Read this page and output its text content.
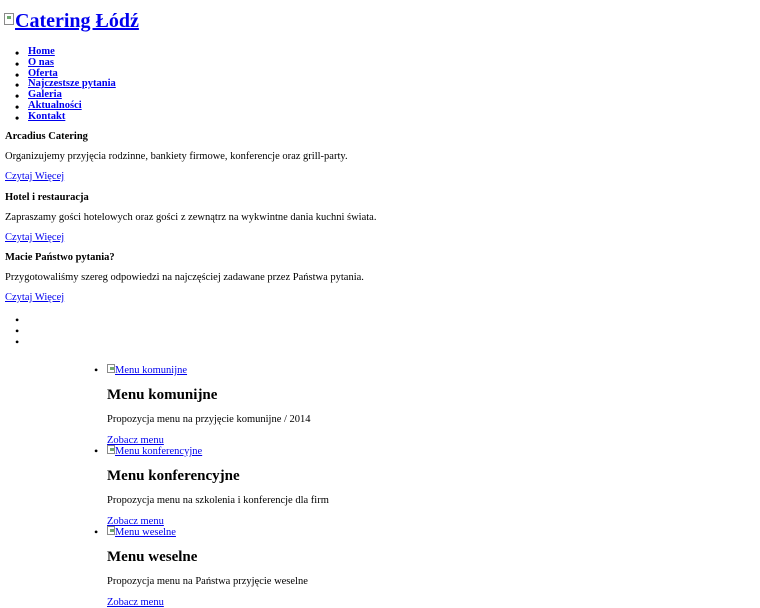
Catering Łódź
• Home
• O nas
• Oferta
• Najczestsze pytania
• Galeria
• Aktualności
• Kontakt
Arcadius Catering
Organizujemy przyjęcia rodzinne, bankiety firmowe, konferencje oraz grill-party.
Czytaj Więcej
Hotel i restauracja
Zapraszamy gości hotelowych oraz gości z zewnątrz na wykwintne dania kuchni świata.
Czytaj Więcej
Macie Państwo pytania?
Przygotowaliśmy szereg odpowiedzi na najczęściej zadawane przez Państwa pytania.
Czytaj Więcej
•
•
•
•	Menu komunijne
Menu komunijne
Propozycja menu na przyjęcie komunijne / 2014
Zobacz menu
•	Menu konferencyjne
Menu konferencyjne
Propozycja menu na szkolenia i konferencje dla firm
Zobacz menu
•	Menu weselne
Menu weselne
Propozycja menu na Państwa przyjęcie weselne
Zobacz menu
